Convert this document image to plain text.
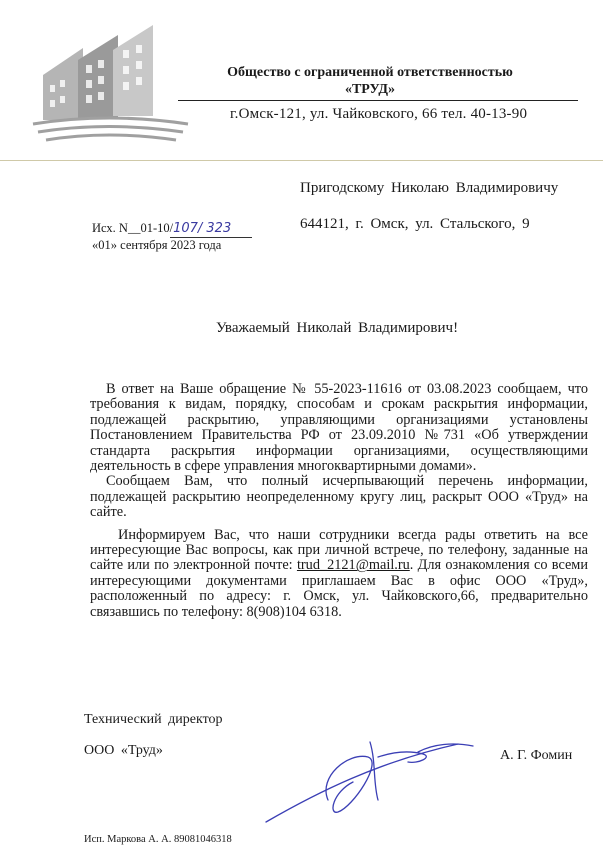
Общество с ограниченной ответственностью
«ТРУД»
г.Омск-121, ул. Чайковского, 66 тел. 40-13-90
Пригодскому Николаю Владимировичу
644121, г. Омск, ул. Стальского, 9
Исх. N__01-10/107/ 323
«01» сентября 2023 года
Уважаемый Николай Владимирович!

В ответ на Ваше обращение № 55-2023-11616 от 03.08.2023 сообщаем, что требования к видам, порядку, способам и срокам раскрытия информации, подлежащей раскрытию, управляющими организациями установлены Постановлением Правительства РФ от 23.09.2010 №731 «Об утверждении стандарта раскрытия информации организациями, осуществляющими деятельность в сфере управления многоквартирными домами».

Сообщаем Вам, что полный исчерпывающий перечень информации, подлежащей раскрытию неопределенному кругу лиц, раскрыт ООО «Труд» на сайте.

Информируем Вас, что наши сотрудники всегда рады ответить на все интересующие Вас вопросы, как при личной встрече, по телефону, заданные на сайте или по электронной почте: trud_2121@mail.ru. Для ознакомления со всеми интересующими документами приглашаем Вас в офис ООО «Труд», расположенный по адресу: г. Омск, ул. Чайковского,66, предварительно связавшись по телефону: 8(908)104 6318.

Технический директор
ООО «Труд»	А. Г. Фомин
Исп. Маркова А. А. 89081046318
